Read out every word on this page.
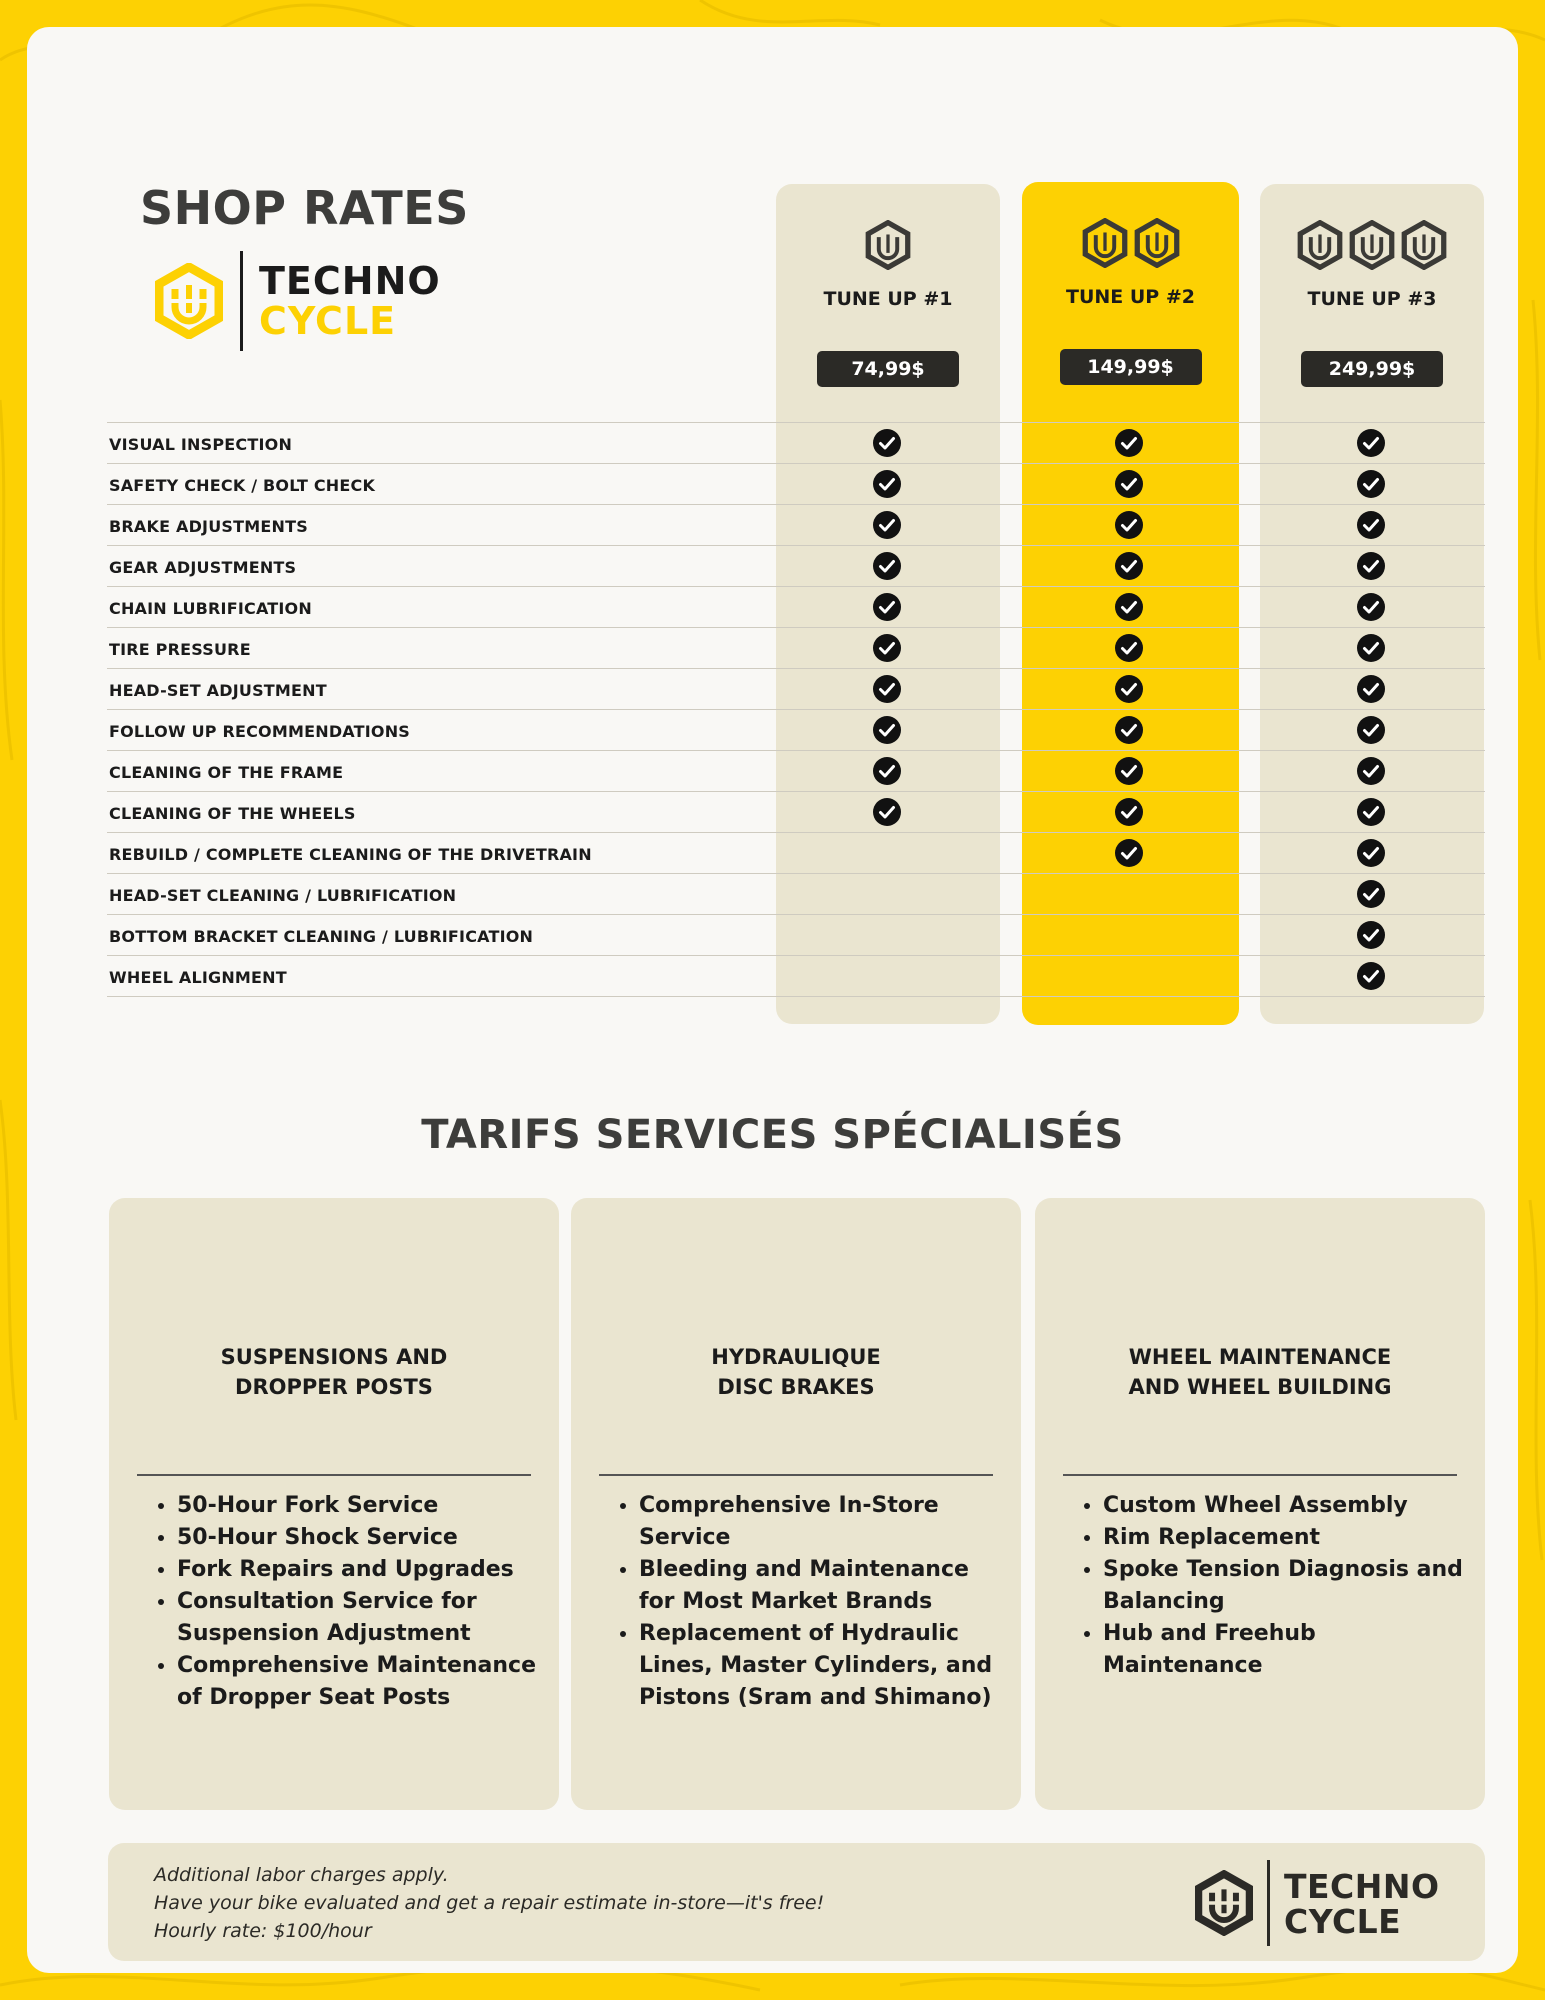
SHOP RATES
TECHNO
CYCLE	TUNE UP #1
74,99$
TUNE UP #2
149,99$
TUNE UP #3
249,99$
VISUAL INSPECTION
SAFETY CHECK / BOLT CHECK
BRAKE ADJUSTMENTS
GEAR ADJUSTMENTS
CHAIN LUBRIFICATION
TIRE PRESSURE
HEAD-SET ADJUSTMENT
FOLLOW UP RECOMMENDATIONS
CLEANING OF THE FRAME
CLEANING OF THE WHEELS
REBUILD / COMPLETE CLEANING OF THE DRIVETRAIN
HEAD-SET CLEANING / LUBRIFICATION
BOTTOM BRACKET CLEANING / LUBRIFICATION
WHEEL ALIGNMENT
TARIFS SERVICES SPÉCIALISÉS
SUSPENSIONS AND
DROPPER POSTS
• 50-Hour Fork Service
• 50-Hour Shock Service
• Fork Repairs and Upgrades
• Consultation Service for Suspension Adjustment
• Comprehensive Maintenance of Dropper Seat Posts
HYDRAULIQUE
DISC BRAKES
• Comprehensive In-Store Service
• Bleeding and Maintenance for Most Market Brands
• Replacement of Hydraulic Lines, Master Cylinders, and Pistons (Sram and Shimano)
WHEEL MAINTENANCE
AND WHEEL BUILDING
• Custom Wheel Assembly
• Rim Replacement
• Spoke Tension Diagnosis and Balancing
• Hub and Freehub Maintenance
Additional labor charges apply.
Have your bike evaluated and get a repair estimate in-store—it's free!
Hourly rate: $100/hour
TECHNO
CYCLE
